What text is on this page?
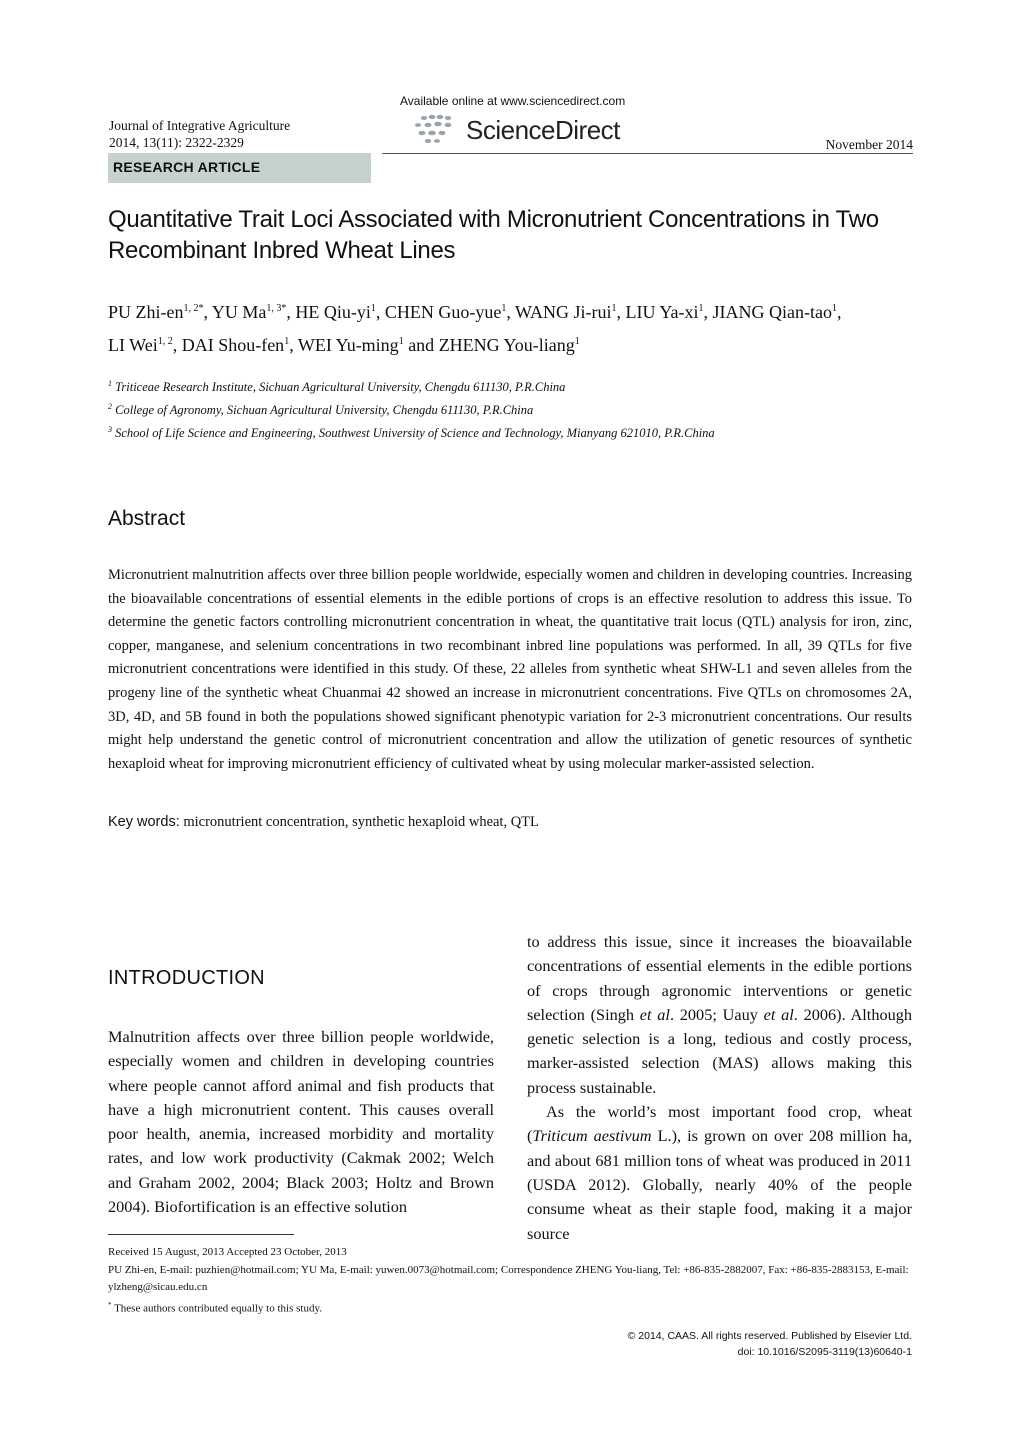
Journal of Integrative Agriculture
2014, 13(11): 2322-2329
Available online at www.sciencedirect.com
ScienceDirect	November 2014
RESEARCH ARTICLE
Quantitative Trait Loci Associated with Micronutrient Concentrations in Two Recombinant Inbred Wheat Lines
PU Zhi-$en^{1, 2*}$, YU $Ma^{1, 3*}$, HE Qiu-$yi^1$, CHEN Guo-yue$^1$, WANG Ji-rui$^1$, LIU $Ya-xi^1$, JIANG Qian-tao$^1$,
LI Wei$^{1, 2}$, DAI Shou-fen$^1$, WEI Yu-ming$^1$ and ZHENG You-liang$^1$
$^1$ Triticeae Research Institute, Sichuan Agricultural University, Chengdu 611130, P.R.China
$^2$ College of Agronomy, Sichuan Agricultural University, Chengdu 611130, P.R.China
$^3$ School of Life Science and Engineering, Southwest University of Science and Technology, Mianyang 621010, P.R.China
Abstract
Micronutrient malnutrition affects over three billion people worldwide, especially women and children in developing countries. Increasing the bioavailable concentrations of essential elements in the edible portions of crops is an effective resolution to address this issue. To determine the genetic factors controlling micronutrient concentration in wheat, the quantitative trait locus (QTL) analysis for iron, zinc, copper, manganese, and selenium concentrations in two recombinant inbred line populations was performed. In all, 39 QTLs for five micronutrient concentrations were identified in this study. Of these, 22 alleles from synthetic wheat SHW-L1 and seven alleles from the progeny line of the synthetic wheat Chuanmai 42 showed an increase in micronutrient concentrations. Five QTLs on chromosomes 2A, 3D, 4D, and 5B found in both the populations showed significant phenotypic variation for 2-3 micronutrient concentrations. Our results might help understand the genetic control of micronutrient concentration and allow the utilization of genetic resources of synthetic hexaploid wheat for improving micronutrient efficiency of cultivated wheat by using molecular marker-assisted selection.
Key words: micronutrient concentration, synthetic hexaploid wheat, QTL
INTRODUCTION
Malnutrition affects over three billion people worldwide, especially women and children in developing countries where people cannot afford animal and fish products that have a high micronutrient content. This causes overall poor health, anemia, increased morbidity and mortality rates, and low work productivity (Cakmak 2002; Welch and Graham 2002, 2004; Black 2003; Holtz and Brown 2004). Biofortification is an effective solution

to address this issue, since it increases the bioavailable concentrations of essential elements in the edible portions of crops through agronomic interventions or genetic selection (Singh et al. 2005; Uauy et al. 2006). Although genetic selection is a long, tedious and costly process, marker-assisted selection (MAS) allows making this process sustainable.

As the world’s most important food crop, wheat (Triticum aestivum L.), is grown on over 208 million ha, and about 681 million tons of wheat was produced in 2011 (USDA 2012). Globally, nearly 40% of the people consume wheat as their staple food, making it a major source

Received 15 August, 2013 Accepted 23 October, 2013
PU Zhi-en, E-mail: puzhien@hotmail.com; YU Ma, E-mail: yuwen.0073@hotmail.com; Correspondence ZHENG You-liang, Tel: +86-835-2882007, Fax: +86-835-2883153, E-mail: ylzheng@sicau.edu.cn
* These authors contributed equally to this study.
© 2014, CAAS. All rights reserved. Published by Elsevier Ltd.
doi: 10.1016/S2095-3119(13)60640-1
